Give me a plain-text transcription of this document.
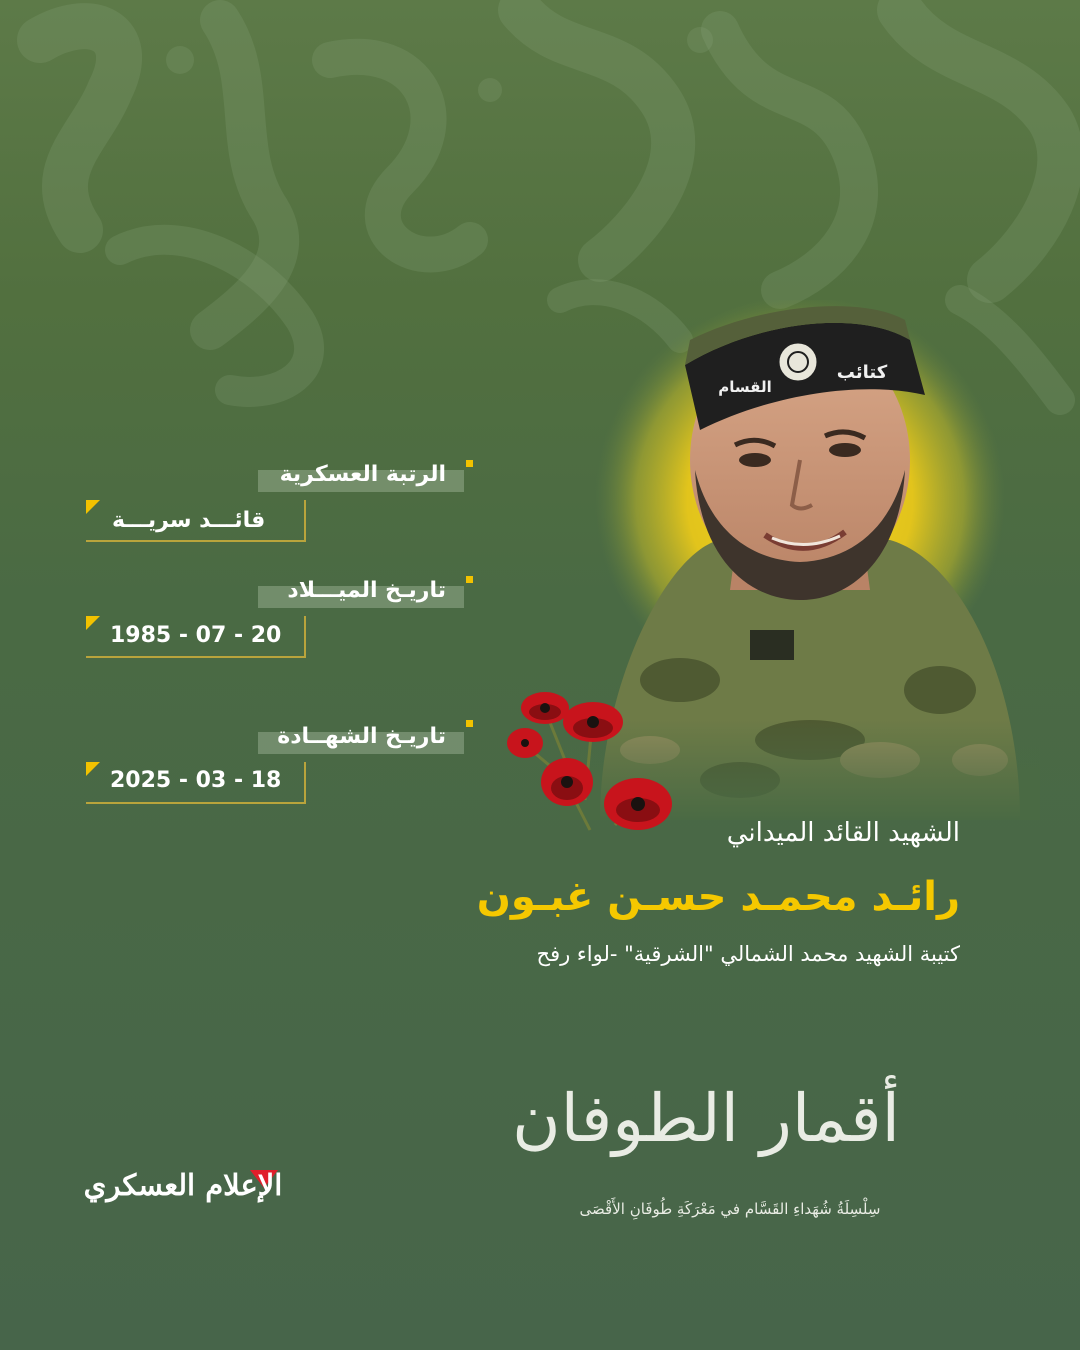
القسام
كتائب
الرتبة العسكرية
قائـــد سريـــة
تاريـخ الميـــلاد
1985 - 07 - 20
تاريـخ الشهــادة
2025 - 03 - 18
الشهيد القائد الميداني
رائـد محمـد حسـن غبـون
كتيبة الشهيد محمد الشمالي "الشرقية" -لواء رفح
أقمار الطوفان
سِلْسِلَةُ شُهَداءِ القَسَّام في مَعْرَكَةِ طُوفَانِ الأَقْصَى
الإعلام العسكري
